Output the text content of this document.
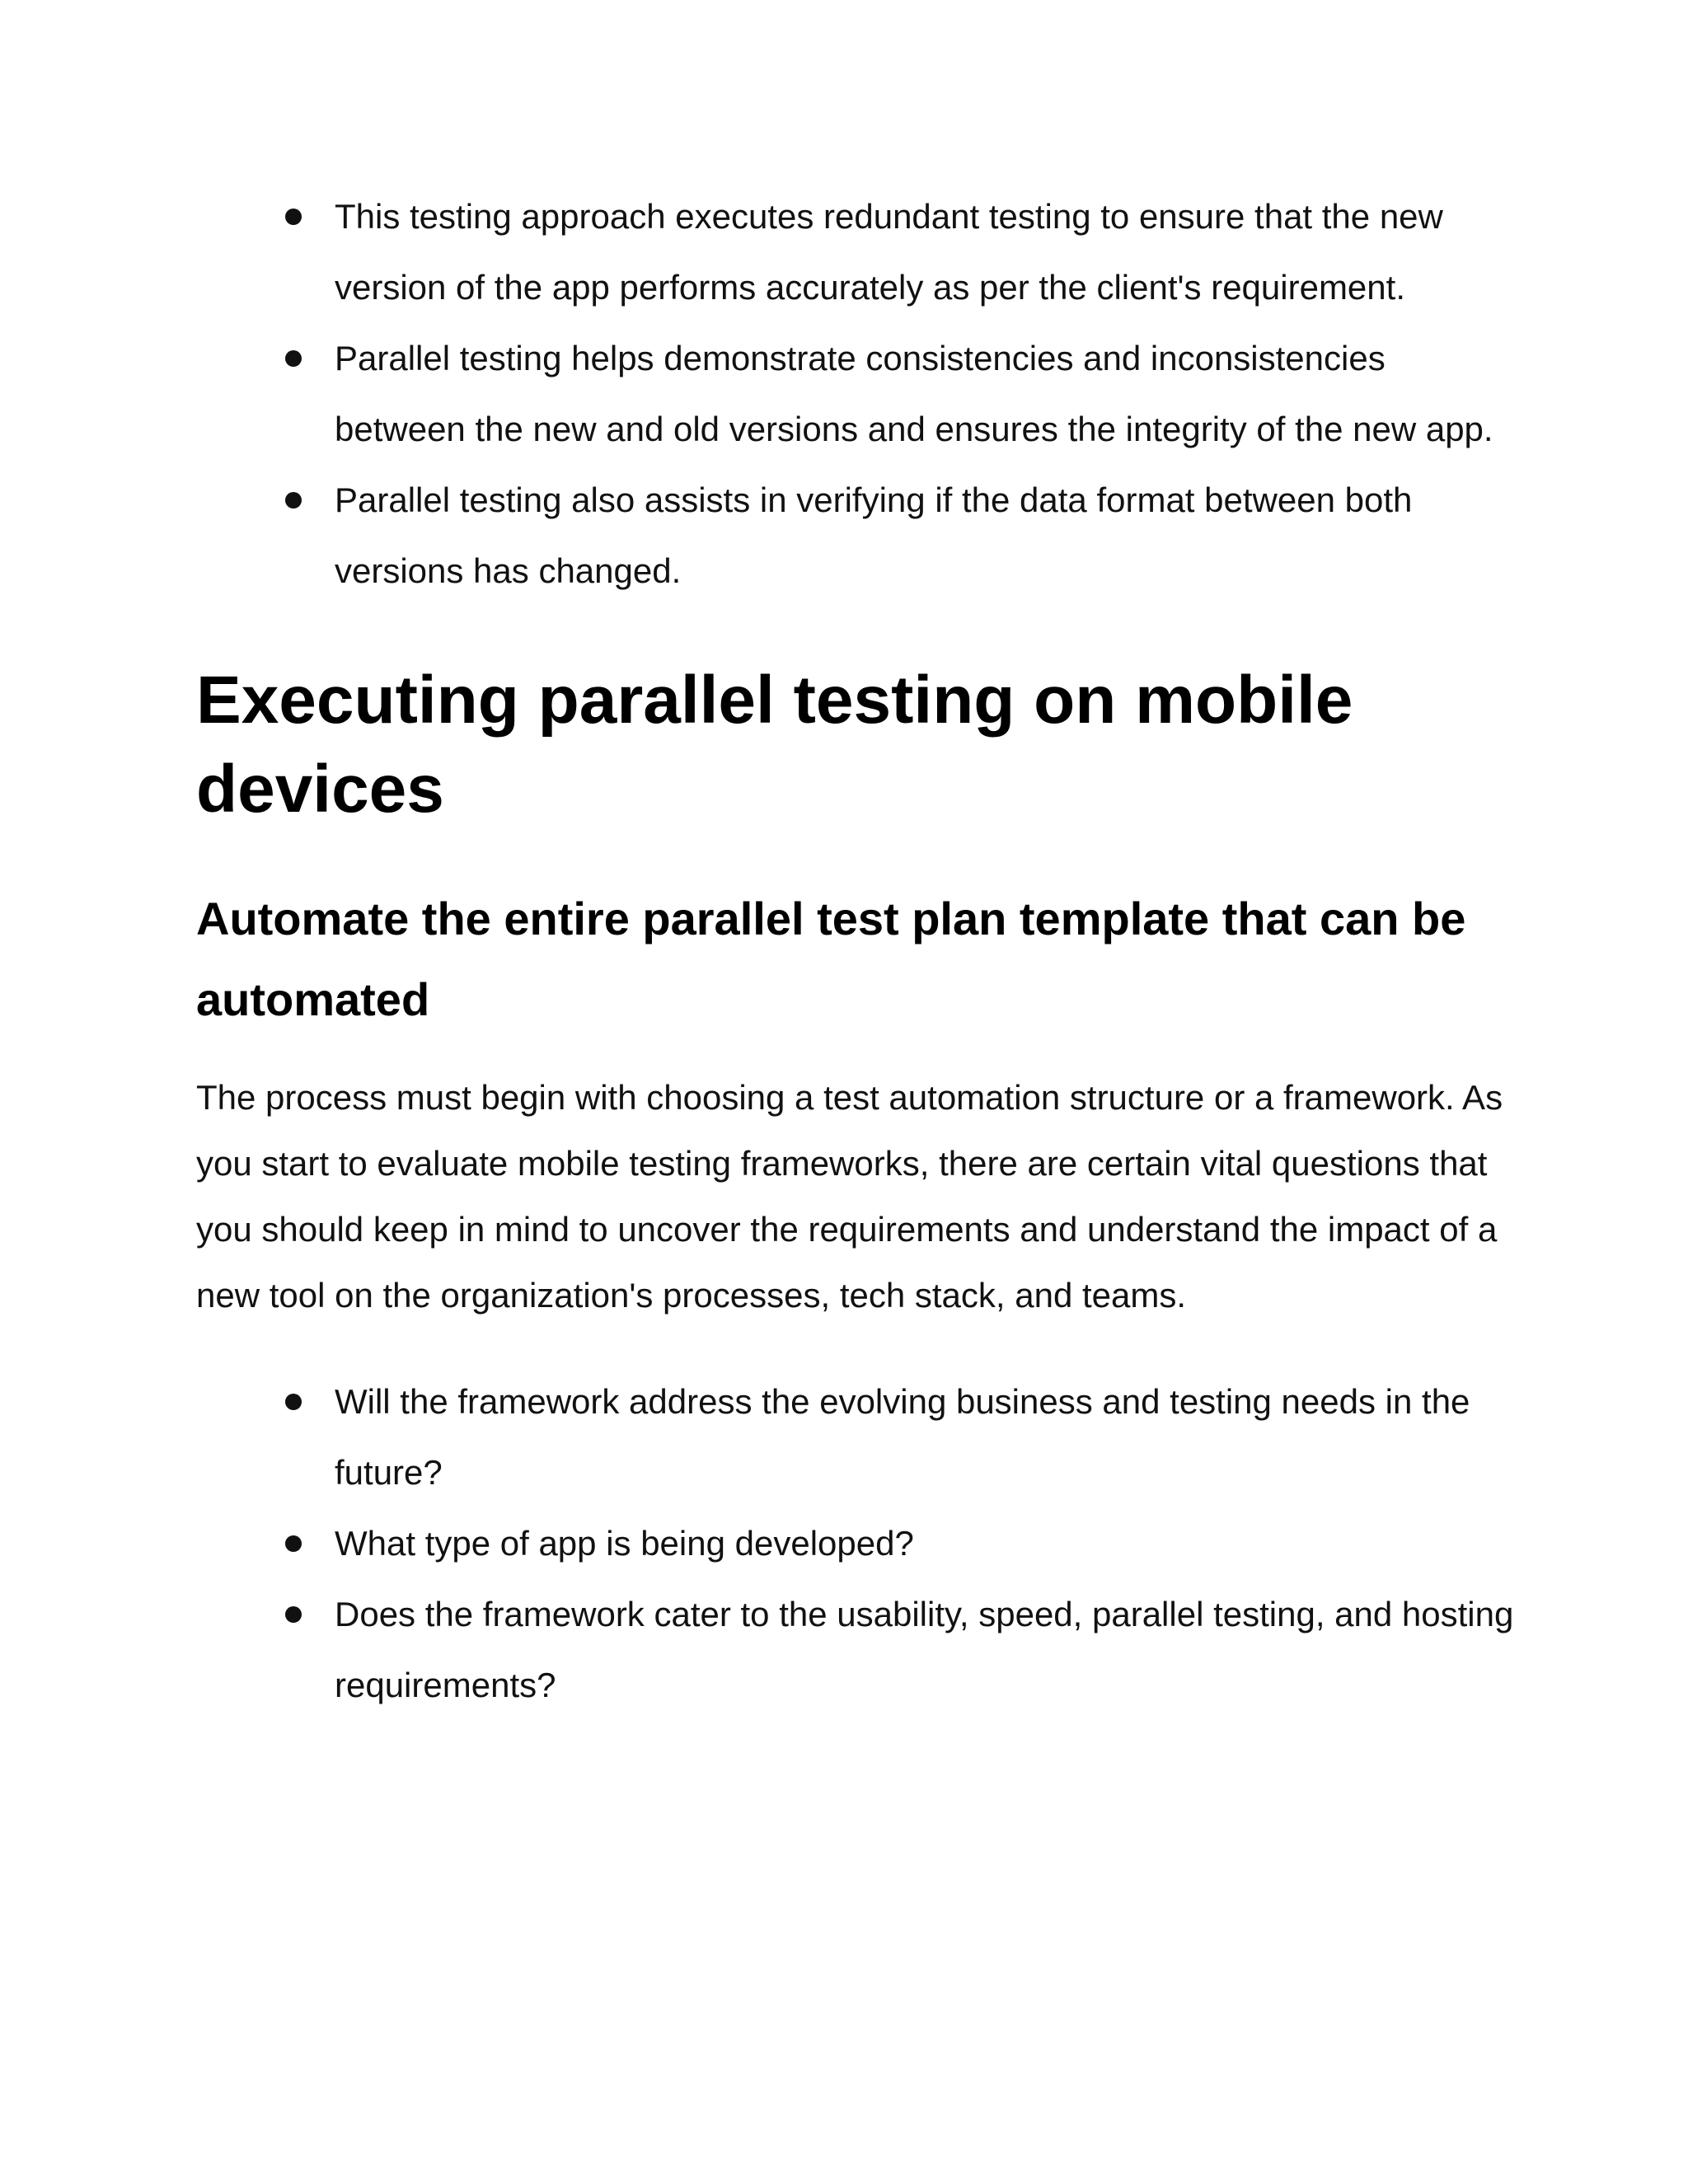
This testing approach executes redundant testing to ensure that the new version of the app performs accurately as per the client's requirement.
Parallel testing helps demonstrate consistencies and inconsistencies between the new and old versions and ensures the integrity of the new app.
Parallel testing also assists in verifying if the data format between both versions has changed.
Executing parallel testing on mobile devices
Automate the entire parallel test plan template that can be automated

The process must begin with choosing a test automation structure or a framework. As you start to evaluate mobile testing frameworks, there are certain vital questions that you should keep in mind to uncover the requirements and understand the impact of a new tool on the organization's processes, tech stack, and teams.

Will the framework address the evolving business and testing needs in the future?
What type of app is being developed?
Does the framework cater to the usability, speed, parallel testing, and hosting requirements?
